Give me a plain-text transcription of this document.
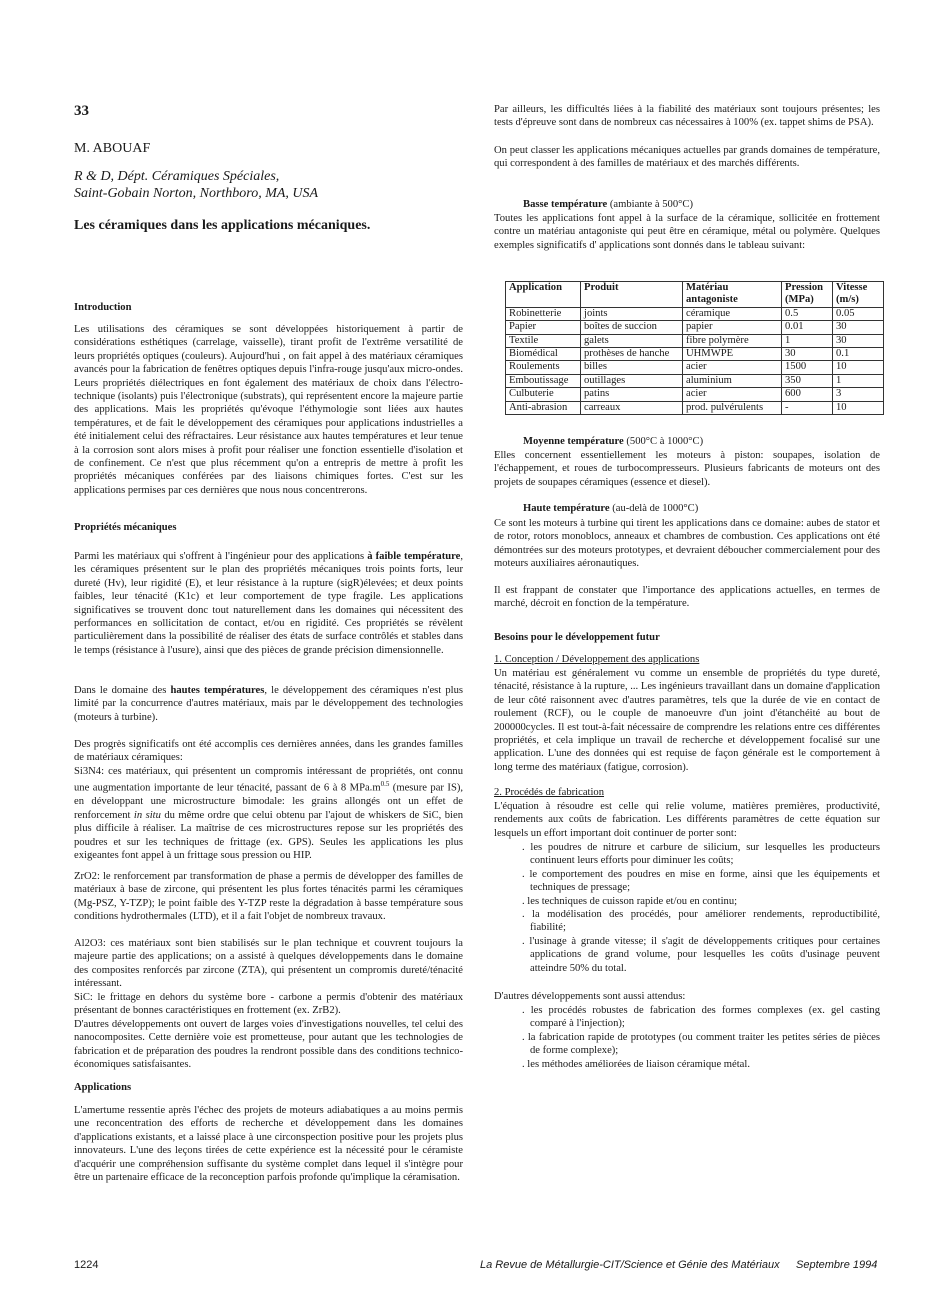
33
M. ABOUAF
R & D, Dépt. Céramiques Spéciales,
Saint-Gobain Norton, Northboro, MA, USA
Les céramiques dans les applications mécaniques.
Introduction

Les utilisations des céramiques se sont développées historiquement à partir de considérations esthétiques (carrelage, vaisselle), tirant profit de l'extrême versatilité de leurs propriétés optiques (couleurs). Aujourd'hui , on fait appel à des matériaux céramiques avancés pour la fabrication de fenêtres optiques depuis l'infra-rouge jusqu'aux micro-ondes. Leurs propriétés diélectriques en font également des matériaux de choix dans l'électro-technique (isolants) puis l'électronique (substrats), qui représentent encore la majeure partie des applications. Mais les propriétés qu'évoque l'éthymologie sont liées aux hautes températures, et de fait le développement des céramiques pour applications industrielles a été initialement celui des réfractaires. Leur résistance aux hautes températures et leur tenue à la corrosion sont alors mises à profit pour réaliser une fonction essentielle d'isolation et de confinement. Ce n'est que plus récemment qu'on a entrepris de mettre à profit les propriétés mécaniques conférées par des liaisons chimiques fortes. C'est sur les applications permises par ces dernières que nous nous concentrerons.

Propriétés mécaniques

Parmi les matériaux qui s'offrent à l'ingénieur pour des applications à faible température, les céramiques présentent sur le plan des propriétés mécaniques trois points forts, leur dureté (Hv), leur rigidité (E), et leur résistance à la rupture (sigR)élevées; et deux points faibles, leur ténacité (K1c) et leur comportement de type fragile. Les applications significatives se trouvent donc tout naturellement dans les domaines qui nécessitent des performances en sollicitation de contact, et/ou en rigidité. Ces propriétés se révèlent particulièrement dans la possibilité de réaliser des états de surface contrôlés et stables dans le temps (résistance à l'usure), ainsi que des pièces de grande précision dimensionnelle.

Dans le domaine des hautes températures, le développement des céramiques n'est plus limité par la concurrence d'autres matériaux, mais par le développement des technologies (moteurs à turbine).

Des progrès significatifs ont été accomplis ces dernières années, dans les grandes familles de matériaux céramiques:

Si3N4: ces matériaux, qui présentent un compromis intéressant de propriétés, ont connu une augmentation importante de leur ténacité, passant de 6 à 8 $MPa.m^{0.5}$ (mesure par IS), en développant une microstructure bimodale: les grains allongés ont un effet de renforcement in situ du même ordre que celui obtenu par l'ajout de whiskers de SiC, bien plus difficile à réaliser. La maîtrise de ces microstructures repose sur les propriétés des poudres et sur les techniques de frittage (ex. GPS). Seules les applications les plus exigeantes font appel à un frittage sous pression ou HIP.

ZrO2: le renforcement par transformation de phase a permis de développer des familles de matériaux à base de zircone, qui présentent les plus fortes ténacités parmi les céramiques (Mg-PSZ, Y-TZP); le point faible des Y-TZP reste la dégradation à basse température sous conditions hydrothermales (LTD), et il a fait l'objet de nombreux travaux.

Al2O3: ces matériaux sont bien stabilisés sur le plan technique et couvrent toujours la majeure partie des applications; on a assisté à quelques développements dans le domaine des composites renforcés par zircone (ZTA), qui présentent un compromis dureté/ténacité intéressant.

SiC: le frittage en dehors du système bore - carbone a permis d'obtenir des matériaux présentant de bonnes caractéristiques en frottement (ex. ZrB2).

D'autres développements ont ouvert de larges voies d'investigations nouvelles, tel celui des nanocomposites. Cette dernière voie est prometteuse, pour autant que les technologies de fabrication et de préparation des poudres la rendront possible dans des conditions technico-économiques satisfaisantes.

Applications

L'amertume ressentie après l'échec des projets de moteurs adiabatiques a au moins permis une reconcentration des efforts de recherche et développement dans les domaines d'applications existants, et a laissé place à une circonspection positive pour les projets plus innovateurs. L'une des leçons tirées de cette expérience est la nécessité pour le céramiste d'acquérir une compréhension suffisante du système complet dans lequel il s'intègre pour être un partenaire efficace de la reconception parfois profonde qu'implique la céramisation.

Par ailleurs, les difficultés liées à la fiabilité des matériaux sont toujours présentes; les tests d'épreuve sont dans de nombreux cas nécessaires à 100% (ex. tappet shims de PSA).

On peut classer les applications mécaniques actuelles par grands domaines de température, qui correspondent à des familles de matériaux et des marchés différents.

Basse température (ambiante à 500°C)

Toutes les applications font appel à la surface de la céramique, sollicitée en frottement contre un matériau antagoniste qui peut être en céramique, métal ou polymère. Quelques exemples significatifs d' applications sont donnés dans le tableau suivant:

Application	Produit	Matériau antagoniste	Pression (MPa)	Vitesse (m/s)
Robinetterie	joints	céramique	0.5	0.05
Papier	boîtes de succion	papier	0.01	30
Textile	galets	fibre polymère	1	30
Biomédical	prothèses de hanche	UHMWPE	30	0.1
Roulements	billes	acier	1500	10
Emboutissage	outillages	aluminium	350	1
Culbuterie	patins	acier	600	3
Anti-abrasion	carreaux	prod. pulvérulents	-	10
Moyenne température (500°C à 1000°C)

Elles concernent essentiellement les moteurs à piston: soupapes, isolation de l'échappement, et roues de turbocompresseurs. Plusieurs fabricants de moteurs ont des projets de soupapes céramiques (essence et diesel).

Haute température (au-delà de 1000°C)

Ce sont les moteurs à turbine qui tirent les applications dans ce domaine: aubes de stator et de rotor, rotors monoblocs, anneaux et chambres de combustion. Ces applications ont été démontrées sur des moteurs prototypes, et devraient déboucher commercialement pour des moteurs auxiliaires aéronautiques.

Il est frappant de constater que l'importance des applications actuelles, en termes de marché, décroit en fonction de la température.

Besoins pour le développement futur
1. Conception / Développement des applications

Un matériau est généralement vu comme un ensemble de propriétés du type dureté, ténacité, résistance à la rupture, ... Les ingénieurs travaillant dans un domaine d'application de leur côté raisonnent avec d'autres paramètres, tels que la durée de vie en contact de roulement (RCF), ou le couple de manoeuvre d'un joint d'étanchéité au bout de 200000cycles. Il est tout-à-fait nécessaire de comprendre les relations entre ces différentes propriétés, et cela implique un travail de recherche et développement focalisé sur une application. L'une des données qui est requise de façon générale est le comportement à long terme des matériaux (fatigue, corrosion).

2. Procédés de fabrication

L'équation à résoudre est celle qui relie volume, matières premières, productivité, rendements aux coûts de fabrication. Les différents paramètres de cette équation sur lesquels un effort important doit continuer de porter sont:

. les poudres de nitrure et carbure de silicium, sur lesquelles les producteurs continuent leurs efforts pour diminuer les coûts;

. le comportement des poudres en mise en forme, ainsi que les équipements et techniques de pressage;

. les techniques de cuisson rapide et/ou en continu;

. la modélisation des procédés, pour améliorer rendements, reproductibilité, fiabilité;

. l'usinage à grande vitesse; il s'agit de développements critiques pour certaines applications de grand volume, pour lesquelles les coûts d'usinage peuvent atteindre 50% du total.

D'autres développements sont aussi attendus:

. les procédés robustes de fabrication des formes complexes (ex. gel casting comparé à l'injection);

. la fabrication rapide de prototypes (ou comment traiter les petites séries de pièces de forme complexe);

. les méthodes améliorées de liaison céramique métal.

1224	La Revue de Métallurgie-CIT/Science et Génie des Matériaux Septembre 1994
